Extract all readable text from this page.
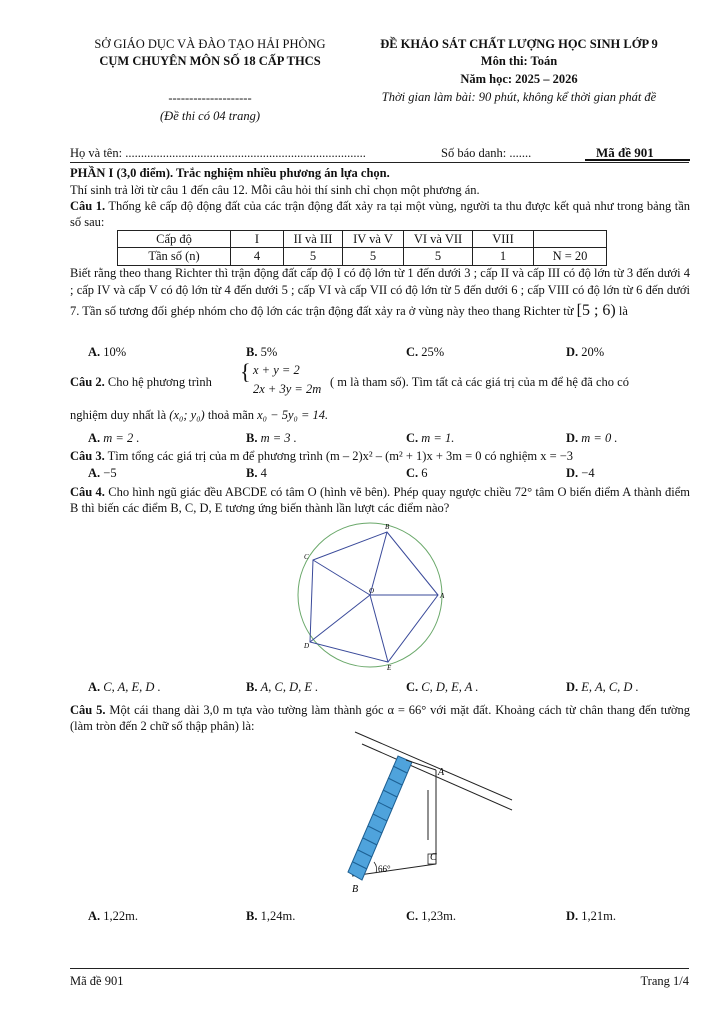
SỞ GIÁO DỤC VÀ ĐÀO TẠO HẢI PHÒNG
CỤM CHUYÊN MÔN SỐ 18 CẤP THCS
--------------------
(Đề thi có 04 trang)
ĐỀ KHẢO SÁT CHẤT LƯỢNG HỌC SINH LỚP 9
Môn thi: Toán
Năm học: 2025 – 2026
Thời gian làm bài: 90 phút, không kể thời gian phát đề
Họ và tên: .............................................................................	Số báo danh: .......	Mã đề 901
PHẦN I (3,0 điểm). Trắc nghiệm nhiều phương án lựa chọn.
Thí sinh trả lời từ câu 1 đến câu 12. Mỗi câu hỏi thí sinh chỉ chọn một phương án.
Câu 1. Thống kê cấp độ động đất của các trận động đất xảy ra tại một vùng, người ta thu được kết quả như trong bảng tần số sau:
Cấp độ	I	II và III	IV và V	VI và VII	VIII	
Tần số (n)	4	5	5	5	1	N = 20
Biết rằng theo thang Richter thì trận động đất cấp độ I có độ lớn từ 1 đến dưới 3 ; cấp II và cấp III có độ lớn từ 3 đến dưới 4 ; cấp IV và cấp V có độ lớn từ 4 đến dưới 5 ; cấp VI và cấp VII có độ lớn từ 5 đến dưới 6 ; cấp VIII có độ lớn từ 6 đến dưới 7. Tần số tương đối ghép nhóm cho độ lớn các trận động đất xảy ra ở vùng này theo thang Richter từ [5 ; 6) là
A. 10%	B. 5%	C. 25%	D. 20%
Câu 2. Cho hệ phương trình { x + y = 2
2x + 3y = 2m ( m là tham số). Tìm tất cả các giá trị của m để hệ đã cho có
nghiệm duy nhất là (x₀; y₀) thoả mãn x₀ − 5y₀ = 14.
A. m = 2 .	B. m = 3 .	C. m = 1.	D. m = 0 .
Câu 3. Tìm tổng các giá trị của m để phương trình (m – 2)x² – (m² + 1)x + 3m = 0 có nghiệm x = −3
A. −5	B. 4	C. 6	D. −4
Câu 4. Cho hình ngũ giác đều ABCDE có tâm O (hình vẽ bên). Phép quay ngược chiều 72° tâm O biến điểm A thành điểm B thì biến các điểm B, C, D, E tương ứng biến thành lần lượt các điểm nào?
A
B
C
D
E
O
A. C, A, E, D .	B. A, C, D, E .	C. C, D, E, A .	D. E, A, C, D .
Câu 5. Một cái thang dài 3,0 m tựa vào tường làm thành góc α = 66° với mặt đất. Khoảng cách từ chân thang đến tường (làm tròn đến 2 chữ số thập phân) là:
66°
A
B
C
A. 1,22m.	B. 1,24m.	C. 1,23m.	D. 1,21m.
Mã đề 901	Trang 1/4
